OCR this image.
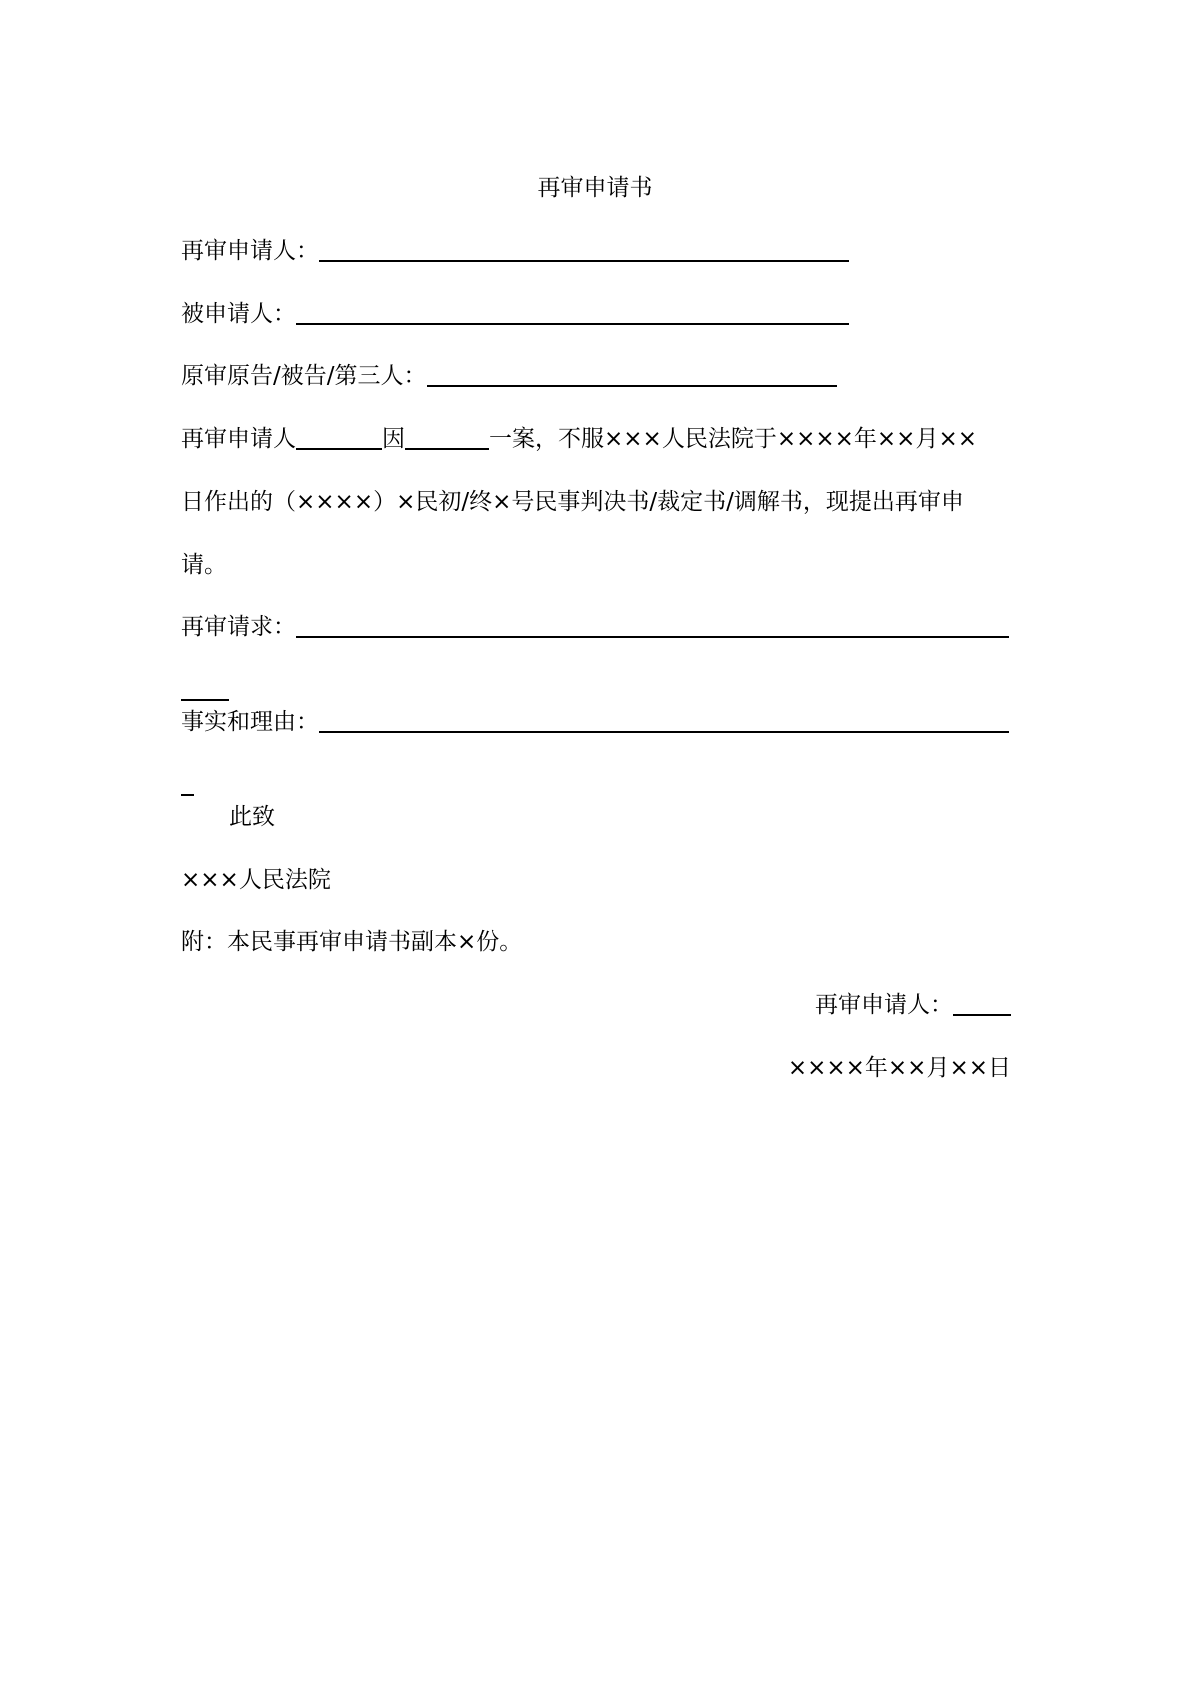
再审申请书
再审申请人：
被申请人：
原审原告/被告/第三人：
再审申请人	因	一案，不服×××人民法院于××××年××月××
日作出的（××××）×民初/终×号民事判决书/裁定书/调解书，现提出再审申
请。
再审请求：
事实和理由：
此致
×××人民法院
附：本民事再审申请书副本×份。
再审申请人：
××××年××月××日
